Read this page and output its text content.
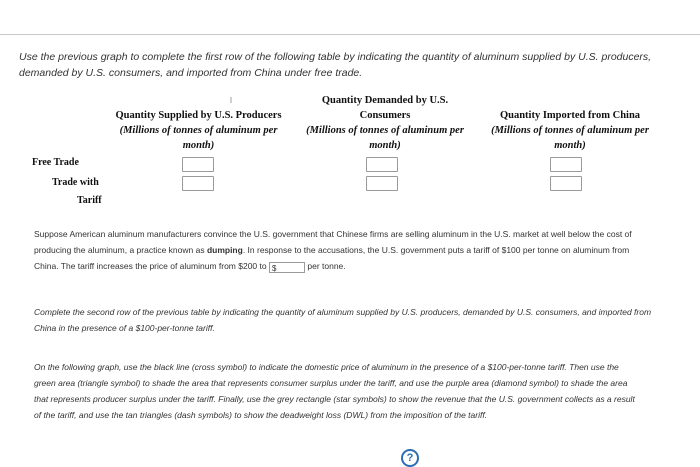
Use the previous graph to complete the first row of the following table by indicating the quantity of aluminum supplied by U.S. producers, demanded by U.S. consumers, and imported from China under free trade.
Quantity Supplied by U.S. Producers
(Millions of tonnes of aluminum per
month)
Quantity Demanded by U.S.
Consumers
(Millions of tonnes of aluminum per
month)
Quantity Imported from China
(Millions of tonnes of aluminum per
month)
Free Trade
Trade with
Tariff
Suppose American aluminum manufacturers convince the U.S. government that Chinese firms are selling aluminum in the U.S. market at well below the cost of producing the aluminum, a practice known as dumping. In response to the accusations, the U.S. government puts a tariff of $100 per tonne on aluminum from China. The tariff increases the price of aluminum from $200 to $	per tonne.
Complete the second row of the previous table by indicating the quantity of aluminum supplied by U.S. producers, demanded by U.S. consumers, and imported from China in the presence of a $100-per-tonne tariff.
On the following graph, use the black line (cross symbol) to indicate the domestic price of aluminum in the presence of a $100-per-tonne tariff. Then use the green area (triangle symbol) to shade the area that represents consumer surplus under the tariff, and use the purple area (diamond symbol) to shade the area that represents producer surplus under the tariff. Finally, use the grey rectangle (star symbols) to show the revenue that the U.S. government collects as a result of the tariff, and use the tan triangles (dash symbols) to show the deadweight loss (DWL) from the imposition of the tariff.
?
